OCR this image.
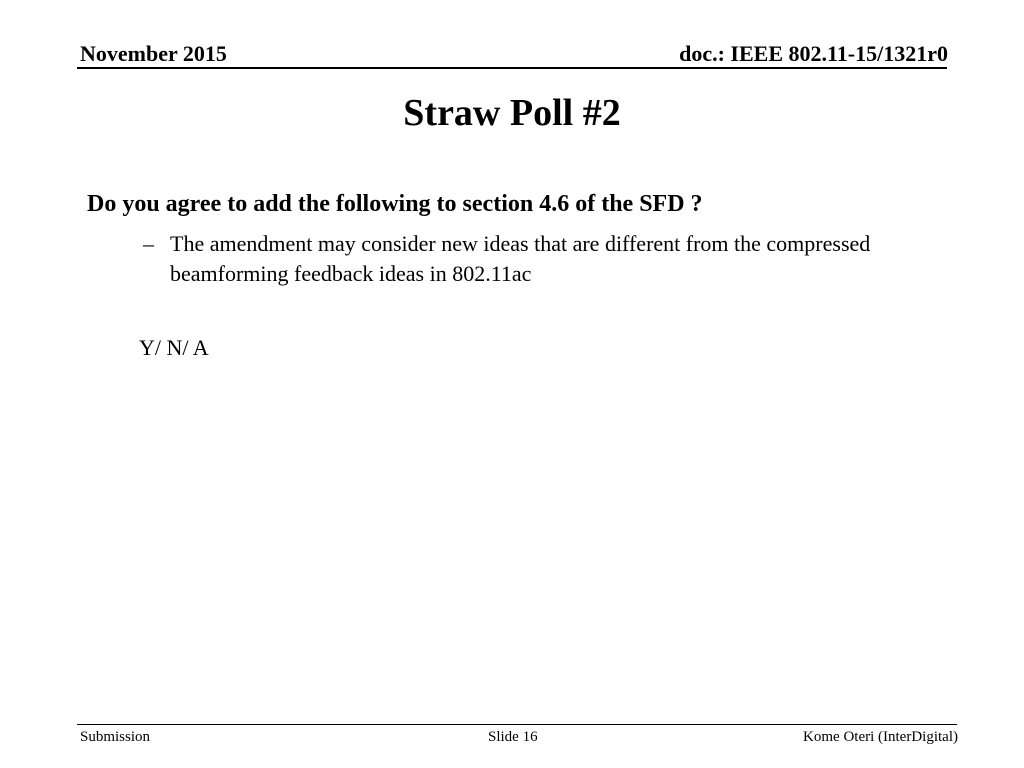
November 2015	doc.: IEEE 802.11-15/1321r0
Straw Poll #2
Do you agree to add the following to section 4.6 of the SFD ?
– The amendment may consider new ideas that are different from the compressed beamforming feedback ideas in 802.11ac
Y/ N/ A
Submission	Slide 16	Kome Oteri (InterDigital)
